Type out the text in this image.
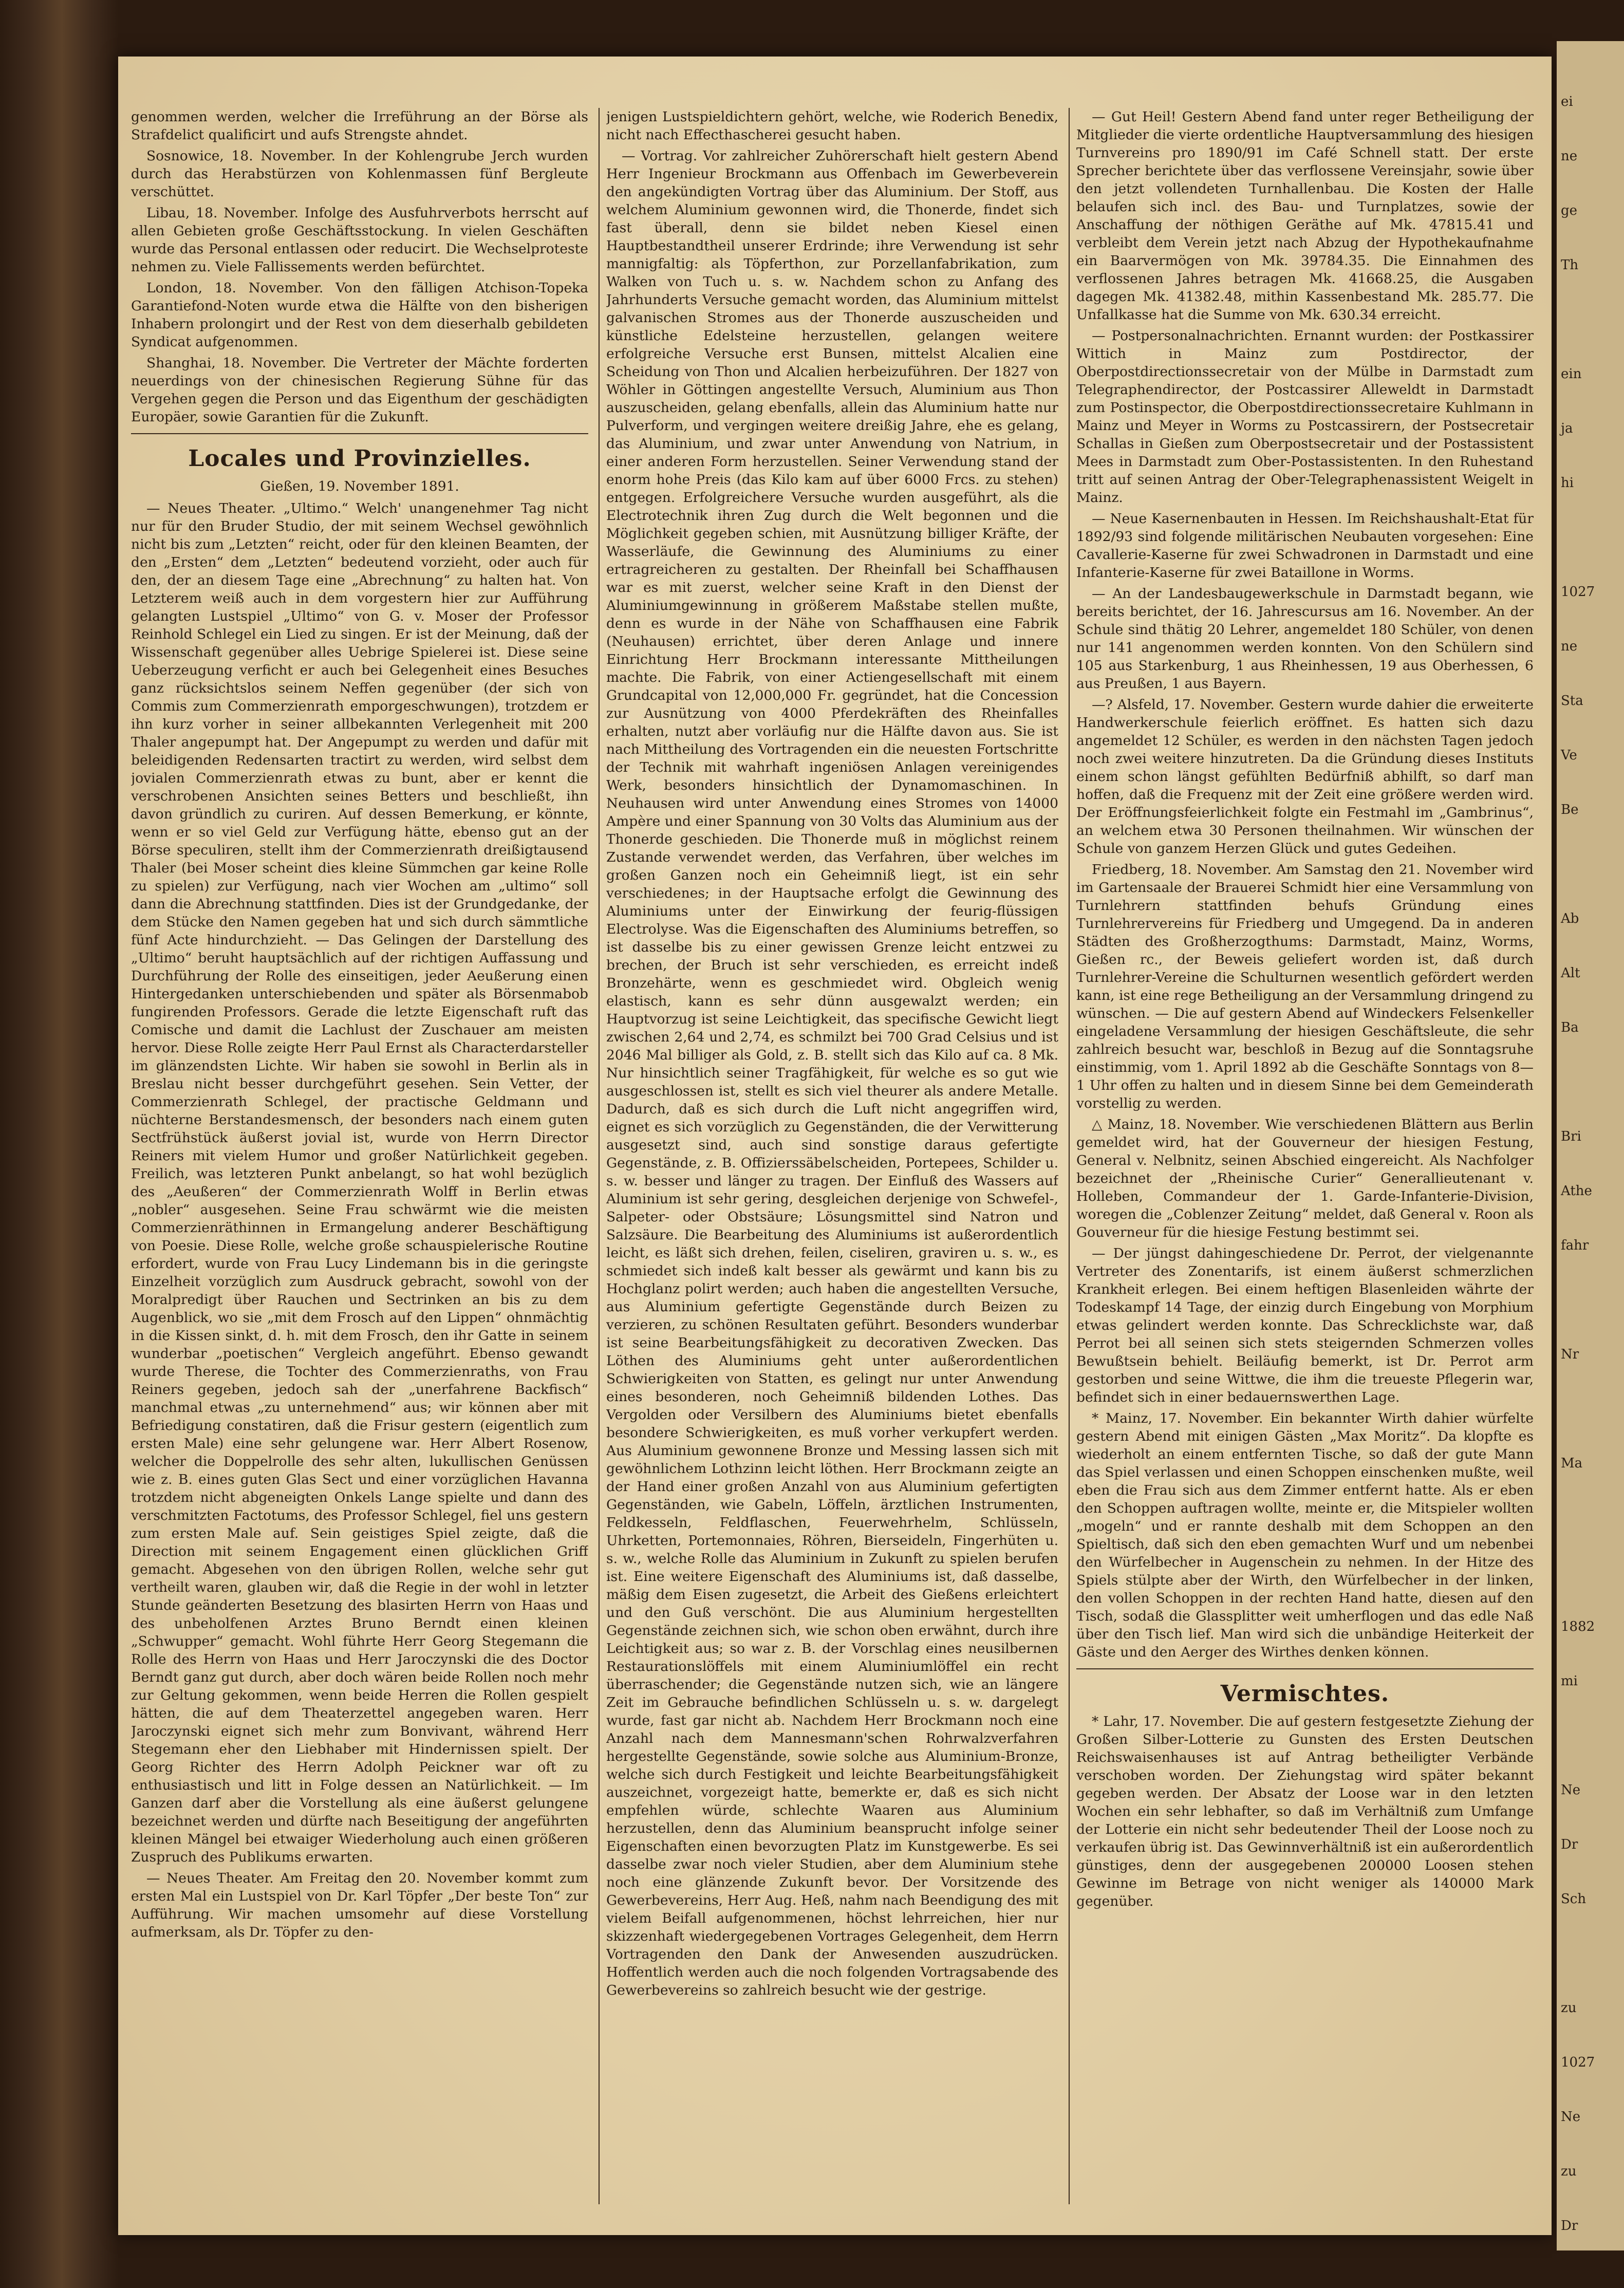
genommen werden, welcher die Irreführung an der Börse als Strafdelict qualificirt und aufs Strengste ahndet.

Sosnowice, 18. November. In der Kohlengrube Jerch wurden durch das Herabstürzen von Kohlenmassen fünf Bergleute verschüttet.

Libau, 18. November. Infolge des Ausfuhrverbots herrscht auf allen Gebieten große Geschäftsstockung. In vielen Geschäften wurde das Personal entlassen oder reducirt. Die Wechselproteste nehmen zu. Viele Fallissements werden befürchtet.

London, 18. November. Von den fälligen Atchison-Topeka Garantiefond-Noten wurde etwa die Hälfte von den bisherigen Inhabern prolongirt und der Rest von dem dieserhalb gebildeten Syndicat aufgenommen.

Shanghai, 18. November. Die Vertreter der Mächte forderten neuerdings von der chinesischen Regierung Sühne für das Vergehen gegen die Person und das Eigenthum der geschädigten Europäer, sowie Garantien für die Zukunft.

Locales und Provinzielles.
Gießen, 19. November 1891.

— Neues Theater. „Ultimo.“ Welch' unangenehmer Tag nicht nur für den Bruder Studio, der mit seinem Wechsel gewöhnlich nicht bis zum „Letzten“ reicht, oder für den kleinen Beamten, der den „Ersten“ dem „Letzten“ bedeutend vorzieht, oder auch für den, der an diesem Tage eine „Abrechnung“ zu halten hat. Von Letzterem weiß auch in dem vorgestern hier zur Aufführung gelangten Lustspiel „Ultimo“ von G. v. Moser der Professor Reinhold Schlegel ein Lied zu singen. Er ist der Meinung, daß der Wissenschaft gegenüber alles Uebrige Spielerei ist. Diese seine Ueberzeugung verficht er auch bei Gelegenheit eines Besuches ganz rücksichtslos seinem Neffen gegenüber (der sich von Commis zum Commerzienrath emporgeschwungen), trotzdem er ihn kurz vorher in seiner allbekannten Verlegenheit mit 200 Thaler angepumpt hat. Der Angepumpt zu werden und dafür mit beleidigenden Redensarten tractirt zu werden, wird selbst dem jovialen Commerzienrath etwas zu bunt, aber er kennt die verschrobenen Ansichten seines Betters und beschließt, ihn davon gründlich zu curiren. Auf dessen Bemerkung, er könnte, wenn er so viel Geld zur Verfügung hätte, ebenso gut an der Börse speculiren, stellt ihm der Commerzienrath dreißigtausend Thaler (bei Moser scheint dies kleine Sümmchen gar keine Rolle zu spielen) zur Verfügung, nach vier Wochen am „ultimo“ soll dann die Abrechnung stattfinden. Dies ist der Grundgedanke, der dem Stücke den Namen gegeben hat und sich durch sämmtliche fünf Acte hindurchzieht. — Das Gelingen der Darstellung des „Ultimo“ beruht hauptsächlich auf der richtigen Auffassung und Durchführung der Rolle des einseitigen, jeder Aeußerung einen Hintergedanken unterschiebenden und später als Börsenmabob fungirenden Professors. Gerade die letzte Eigenschaft ruft das Comische und damit die Lachlust der Zuschauer am meisten hervor. Diese Rolle zeigte Herr Paul Ernst als Characterdarsteller im glänzendsten Lichte. Wir haben sie sowohl in Berlin als in Breslau nicht besser durchgeführt gesehen. Sein Vetter, der Commerzienrath Schlegel, der practische Geldmann und nüchterne Berstandesmensch, der besonders nach einem guten Sectfrühstück äußerst jovial ist, wurde von Herrn Director Reiners mit vielem Humor und großer Natürlichkeit gegeben. Freilich, was letzteren Punkt anbelangt, so hat wohl bezüglich des „Aeußeren“ der Commerzienrath Wolff in Berlin etwas „nobler“ ausgesehen. Seine Frau schwärmt wie die meisten Commerzienräthinnen in Ermangelung anderer Beschäftigung von Poesie. Diese Rolle, welche große schauspielerische Routine erfordert, wurde von Frau Lucy Lindemann bis in die geringste Einzelheit vorzüglich zum Ausdruck gebracht, sowohl von der Moralpredigt über Rauchen und Sectrinken an bis zu dem Augenblick, wo sie „mit dem Frosch auf den Lippen“ ohnmächtig in die Kissen sinkt, d. h. mit dem Frosch, den ihr Gatte in seinem wunderbar „poetischen“ Vergleich angeführt. Ebenso gewandt wurde Therese, die Tochter des Commerzienraths, von Frau Reiners gegeben, jedoch sah der „unerfahrene Backfisch“ manchmal etwas „zu unternehmend“ aus; wir können aber mit Befriedigung constatiren, daß die Frisur gestern (eigentlich zum ersten Male) eine sehr gelungene war. Herr Albert Rosenow, welcher die Doppelrolle des sehr alten, lukullischen Genüssen wie z. B. eines guten Glas Sect und einer vorzüglichen Havanna trotzdem nicht abgeneigten Onkels Lange spielte und dann des verschmitzten Factotums, des Professor Schlegel, fiel uns gestern zum ersten Male auf. Sein geistiges Spiel zeigte, daß die Direction mit seinem Engagement einen glücklichen Griff gemacht. Abgesehen von den übrigen Rollen, welche sehr gut vertheilt waren, glauben wir, daß die Regie in der wohl in letzter Stunde geänderten Besetzung des blasirten Herrn von Haas und des unbeholfenen Arztes Bruno Berndt einen kleinen „Schwupper“ gemacht. Wohl führte Herr Georg Stegemann die Rolle des Herrn von Haas und Herr Jaroczynski die des Doctor Berndt ganz gut durch, aber doch wären beide Rollen noch mehr zur Geltung gekommen, wenn beide Herren die Rollen gespielt hätten, die auf dem Theaterzettel angegeben waren. Herr Jaroczynski eignet sich mehr zum Bonvivant, während Herr Stegemann eher den Liebhaber mit Hindernissen spielt. Der Georg Richter des Herrn Adolph Peickner war oft zu enthusiastisch und litt in Folge dessen an Natürlichkeit. — Im Ganzen darf aber die Vorstellung als eine äußerst gelungene bezeichnet werden und dürfte nach Beseitigung der angeführten kleinen Mängel bei etwaiger Wiederholung auch einen größeren Zuspruch des Publikums erwarten.

— Neues Theater. Am Freitag den 20. November kommt zum ersten Mal ein Lustspiel von Dr. Karl Töpfer „Der beste Ton“ zur Aufführung. Wir machen umsomehr auf diese Vorstellung aufmerksam, als Dr. Töpfer zu den-

jenigen Lustspieldichtern gehört, welche, wie Roderich Benedix, nicht nach Effecthascherei gesucht haben.

— Vortrag. Vor zahlreicher Zuhörerschaft hielt gestern Abend Herr Ingenieur Brockmann aus Offenbach im Gewerbeverein den angekündigten Vortrag über das Aluminium. Der Stoff, aus welchem Aluminium gewonnen wird, die Thonerde, findet sich fast überall, denn sie bildet neben Kiesel einen Hauptbestandtheil unserer Erdrinde; ihre Verwendung ist sehr mannigfaltig: als Töpferthon, zur Porzellanfabrikation, zum Walken von Tuch u. s. w. Nachdem schon zu Anfang des Jahrhunderts Versuche gemacht worden, das Aluminium mittelst galvanischen Stromes aus der Thonerde auszuscheiden und künstliche Edelsteine herzustellen, gelangen weitere erfolgreiche Versuche erst Bunsen, mittelst Alcalien eine Scheidung von Thon und Alcalien herbeizuführen. Der 1827 von Wöhler in Göttingen angestellte Versuch, Aluminium aus Thon auszuscheiden, gelang ebenfalls, allein das Aluminium hatte nur Pulverform, und vergingen weitere dreißig Jahre, ehe es gelang, das Aluminium, und zwar unter Anwendung von Natrium, in einer anderen Form herzustellen. Seiner Verwendung stand der enorm hohe Preis (das Kilo kam auf über 6000 Frcs. zu stehen) entgegen. Erfolgreichere Versuche wurden ausgeführt, als die Electrotechnik ihren Zug durch die Welt begonnen und die Möglichkeit gegeben schien, mit Ausnützung billiger Kräfte, der Wasserläufe, die Gewinnung des Aluminiums zu einer ertragreicheren zu gestalten. Der Rheinfall bei Schaffhausen war es mit zuerst, welcher seine Kraft in den Dienst der Aluminiumgewinnung in größerem Maßstabe stellen mußte, denn es wurde in der Nähe von Schaffhausen eine Fabrik (Neuhausen) errichtet, über deren Anlage und innere Einrichtung Herr Brockmann interessante Mittheilungen machte. Die Fabrik, von einer Actiengesellschaft mit einem Grundcapital von 12,000,000 Fr. gegründet, hat die Concession zur Ausnützung von 4000 Pferdekräften des Rheinfalles erhalten, nutzt aber vorläufig nur die Hälfte davon aus. Sie ist nach Mittheilung des Vortragenden ein die neuesten Fortschritte der Technik mit wahrhaft ingeniösen Anlagen vereinigendes Werk, besonders hinsichtlich der Dynamomaschinen. In Neuhausen wird unter Anwendung eines Stromes von 14000 Ampère und einer Spannung von 30 Volts das Aluminium aus der Thonerde geschieden. Die Thonerde muß in möglichst reinem Zustande verwendet werden, das Verfahren, über welches im großen Ganzen noch ein Geheimniß liegt, ist ein sehr verschiedenes; in der Hauptsache erfolgt die Gewinnung des Aluminiums unter der Einwirkung der feurig-flüssigen Electrolyse. Was die Eigenschaften des Aluminiums betreffen, so ist dasselbe bis zu einer gewissen Grenze leicht entzwei zu brechen, der Bruch ist sehr verschieden, es erreicht indeß Bronzehärte, wenn es geschmiedet wird. Obgleich wenig elastisch, kann es sehr dünn ausgewalzt werden; ein Hauptvorzug ist seine Leichtigkeit, das specifische Gewicht liegt zwischen 2,64 und 2,74, es schmilzt bei 700 Grad Celsius und ist 2046 Mal billiger als Gold, z. B. stellt sich das Kilo auf ca. 8 Mk. Nur hinsichtlich seiner Tragfähigkeit, für welche es so gut wie ausgeschlossen ist, stellt es sich viel theurer als andere Metalle. Dadurch, daß es sich durch die Luft nicht angegriffen wird, eignet es sich vorzüglich zu Gegenständen, die der Verwitterung ausgesetzt sind, auch sind sonstige daraus gefertigte Gegenstände, z. B. Offizierssäbelscheiden, Portepees, Schilder u. s. w. besser und länger zu tragen. Der Einfluß des Wassers auf Aluminium ist sehr gering, desgleichen derjenige von Schwefel-, Salpeter- oder Obstsäure; Lösungsmittel sind Natron und Salzsäure. Die Bearbeitung des Aluminiums ist außerordentlich leicht, es läßt sich drehen, feilen, ciseliren, graviren u. s. w., es schmiedet sich indeß kalt besser als gewärmt und kann bis zu Hochglanz polirt werden; auch haben die angestellten Versuche, aus Aluminium gefertigte Gegenstände durch Beizen zu verzieren, zu schönen Resultaten geführt. Besonders wunderbar ist seine Bearbeitungsfähigkeit zu decorativen Zwecken. Das Löthen des Aluminiums geht unter außerordentlichen Schwierigkeiten von Statten, es gelingt nur unter Anwendung eines besonderen, noch Geheimniß bildenden Lothes. Das Vergolden oder Versilbern des Aluminiums bietet ebenfalls besondere Schwierigkeiten, es muß vorher verkupfert werden. Aus Aluminium gewonnene Bronze und Messing lassen sich mit gewöhnlichem Lothzinn leicht löthen. Herr Brockmann zeigte an der Hand einer großen Anzahl von aus Aluminium gefertigten Gegenständen, wie Gabeln, Löffeln, ärztlichen Instrumenten, Feldkesseln, Feldflaschen, Feuerwehrhelm, Schlüsseln, Uhrketten, Portemonnaies, Röhren, Bierseideln, Fingerhüten u. s. w., welche Rolle das Aluminium in Zukunft zu spielen berufen ist. Eine weitere Eigenschaft des Aluminiums ist, daß dasselbe, mäßig dem Eisen zugesetzt, die Arbeit des Gießens erleichtert und den Guß verschönt. Die aus Aluminium hergestellten Gegenstände zeichnen sich, wie schon oben erwähnt, durch ihre Leichtigkeit aus; so war z. B. der Vorschlag eines neusilbernen Restaurationslöffels mit einem Aluminiumlöffel ein recht überraschender; die Gegenstände nutzen sich, wie an längere Zeit im Gebrauche befindlichen Schlüsseln u. s. w. dargelegt wurde, fast gar nicht ab. Nachdem Herr Brockmann noch eine Anzahl nach dem Mannesmann'schen Rohrwalzverfahren hergestellte Gegenstände, sowie solche aus Aluminium-Bronze, welche sich durch Festigkeit und leichte Bearbeitungsfähigkeit auszeichnet, vorgezeigt hatte, bemerkte er, daß es sich nicht empfehlen würde, schlechte Waaren aus Aluminium herzustellen, denn das Aluminium beansprucht infolge seiner Eigenschaften einen bevorzugten Platz im Kunstgewerbe. Es sei dasselbe zwar noch vieler Studien, aber dem Aluminium stehe noch eine glänzende Zukunft bevor. Der Vorsitzende des Gewerbevereins, Herr Aug. Heß, nahm nach Beendigung des mit vielem Beifall aufgenommenen, höchst lehrreichen, hier nur skizzenhaft wiedergegebenen Vortrages Gelegenheit, dem Herrn Vortragenden den Dank der Anwesenden auszudrücken. Hoffentlich werden auch die noch folgenden Vortragsabende des Gewerbevereins so zahlreich besucht wie der gestrige.

— Gut Heil! Gestern Abend fand unter reger Betheiligung der Mitglieder die vierte ordentliche Hauptversammlung des hiesigen Turnvereins pro 1890/91 im Café Schnell statt. Der erste Sprecher berichtete über das verflossene Vereinsjahr, sowie über den jetzt vollendeten Turnhallenbau. Die Kosten der Halle belaufen sich incl. des Bau- und Turnplatzes, sowie der Anschaffung der nöthigen Geräthe auf Mk. 47815.41 und verbleibt dem Verein jetzt nach Abzug der Hypothekaufnahme ein Baarvermögen von Mk. 39784.35. Die Einnahmen des verflossenen Jahres betragen Mk. 41668.25, die Ausgaben dagegen Mk. 41382.48, mithin Kassenbestand Mk. 285.77. Die Unfallkasse hat die Summe von Mk. 630.34 erreicht.

— Postpersonalnachrichten. Ernannt wurden: der Postkassirer Wittich in Mainz zum Postdirector, der Oberpostdirectionssecretair von der Mülbe in Darmstadt zum Telegraphendirector, der Postcassirer Alleweldt in Darmstadt zum Postinspector, die Oberpostdirectionssecretaire Kuhlmann in Mainz und Meyer in Worms zu Postcassirern, der Postsecretair Schallas in Gießen zum Oberpostsecretair und der Postassistent Mees in Darmstadt zum Ober-Postassistenten. In den Ruhestand tritt auf seinen Antrag der Ober-Telegraphenassistent Weigelt in Mainz.

— Neue Kasernenbauten in Hessen. Im Reichshaushalt-Etat für 1892/93 sind folgende militärischen Neubauten vorgesehen: Eine Cavallerie-Kaserne für zwei Schwadronen in Darmstadt und eine Infanterie-Kaserne für zwei Bataillone in Worms.

— An der Landesbaugewerkschule in Darmstadt begann, wie bereits berichtet, der 16. Jahrescursus am 16. November. An der Schule sind thätig 20 Lehrer, angemeldet 180 Schüler, von denen nur 141 angenommen werden konnten. Von den Schülern sind 105 aus Starkenburg, 1 aus Rheinhessen, 19 aus Oberhessen, 6 aus Preußen, 1 aus Bayern.

—? Alsfeld, 17. November. Gestern wurde dahier die erweiterte Handwerkerschule feierlich eröffnet. Es hatten sich dazu angemeldet 12 Schüler, es werden in den nächsten Tagen jedoch noch zwei weitere hinzutreten. Da die Gründung dieses Instituts einem schon längst gefühlten Bedürfniß abhilft, so darf man hoffen, daß die Frequenz mit der Zeit eine größere werden wird. Der Eröffnungsfeierlichkeit folgte ein Festmahl im „Gambrinus“, an welchem etwa 30 Personen theilnahmen. Wir wünschen der Schule von ganzem Herzen Glück und gutes Gedeihen.

Friedberg, 18. November. Am Samstag den 21. November wird im Gartensaale der Brauerei Schmidt hier eine Versammlung von Turnlehrern stattfinden behufs Gründung eines Turnlehrervereins für Friedberg und Umgegend. Da in anderen Städten des Großherzogthums: Darmstadt, Mainz, Worms, Gießen rc., der Beweis geliefert worden ist, daß durch Turnlehrer-Vereine die Schulturnen wesentlich gefördert werden kann, ist eine rege Betheiligung an der Versammlung dringend zu wünschen. — Die auf gestern Abend auf Windeckers Felsenkeller eingeladene Versammlung der hiesigen Geschäftsleute, die sehr zahlreich besucht war, beschloß in Bezug auf die Sonntagsruhe einstimmig, vom 1. April 1892 ab die Geschäfte Sonntags von 8—1 Uhr offen zu halten und in diesem Sinne bei dem Gemeinderath vorstellig zu werden.

△ Mainz, 18. November. Wie verschiedenen Blättern aus Berlin gemeldet wird, hat der Gouverneur der hiesigen Festung, General v. Nelbnitz, seinen Abschied eingereicht. Als Nachfolger bezeichnet der „Rheinische Curier“ Generallieutenant v. Holleben, Commandeur der 1. Garde-Infanterie-Division, woregen die „Coblenzer Zeitung“ meldet, daß General v. Roon als Gouverneur für die hiesige Festung bestimmt sei.

— Der jüngst dahingeschiedene Dr. Perrot, der vielgenannte Vertreter des Zonentarifs, ist einem äußerst schmerzlichen Krankheit erlegen. Bei einem heftigen Blasenleiden währte der Todeskampf 14 Tage, der einzig durch Eingebung von Morphium etwas gelindert werden konnte. Das Schrecklichste war, daß Perrot bei all seinen sich stets steigernden Schmerzen volles Bewußtsein behielt. Beiläufig bemerkt, ist Dr. Perrot arm gestorben und seine Wittwe, die ihm die treueste Pflegerin war, befindet sich in einer bedauernswerthen Lage.

* Mainz, 17. November. Ein bekannter Wirth dahier würfelte gestern Abend mit einigen Gästen „Max Moritz“. Da klopfte es wiederholt an einem entfernten Tische, so daß der gute Mann das Spiel verlassen und einen Schoppen einschenken mußte, weil eben die Frau sich aus dem Zimmer entfernt hatte. Als er eben den Schoppen auftragen wollte, meinte er, die Mitspieler wollten „mogeln“ und er rannte deshalb mit dem Schoppen an den Spieltisch, daß sich den eben gemachten Wurf und um nebenbei den Würfelbecher in Augenschein zu nehmen. In der Hitze des Spiels stülpte aber der Wirth, den Würfelbecher in der linken, den vollen Schoppen in der rechten Hand hatte, diesen auf den Tisch, sodaß die Glassplitter weit umherflogen und das edle Naß über den Tisch lief. Man wird sich die unbändige Heiterkeit der Gäste und den Aerger des Wirthes denken können.

Vermischtes.

* Lahr, 17. November. Die auf gestern festgesetzte Ziehung der Großen Silber-Lotterie zu Gunsten des Ersten Deutschen Reichswaisenhauses ist auf Antrag betheiligter Verbände verschoben worden. Der Ziehungstag wird später bekannt gegeben werden. Der Absatz der Loose war in den letzten Wochen ein sehr lebhafter, so daß im Verhältniß zum Umfange der Lotterie ein nicht sehr bedeutender Theil der Loose noch zu verkaufen übrig ist. Das Gewinnverhältniß ist ein außerordentlich günstiges, denn der ausgegebenen 200000 Loosen stehen Gewinne im Betrage von nicht weniger als 140000 Mark gegenüber.

ei
ne
ge
Th
ein
ja
hi
1027
ne
Sta
Ve
Be
Ab
Alt
Ba
Bri
Athe
fahr
Nr
Ma
1882
mi
Ne
Dr
Sch
zu
1027
Ne
zu
Dr
